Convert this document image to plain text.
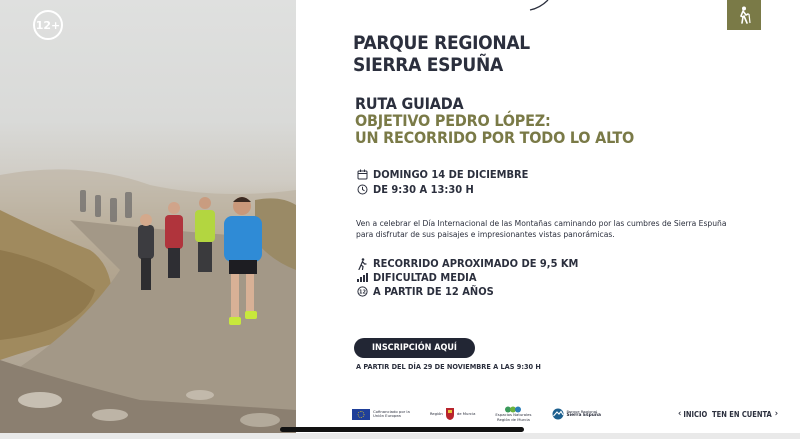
12+
PARQUE REGIONAL
SIERRA ESPUÑA
RUTA GUIADA
OBJETIVO PEDRO LÓPEZ:
UN RECORRIDO POR TODO LO ALTO
DOMINGO 14 DE DICIEMBRE
DE 9:30 A 13:30 H
Ven a celebrar el Día Internacional de las Montañas caminando por las cumbres de Sierra Espuña para disfrutar de sus paisajes e impresionantes vistas panorámicas.
RECORRIDO APROXIMADO DE 9,5 KM
DIFICULTAD MEDIA
12 A PARTIR DE 12 AÑOS
INSCRIPCIÓN AQUÍ
A PARTIR DEL DÍA 29 DE NOVIEMBRE A LAS 9:30 H
Cofinanciado por la
Unión Europea	Región	de Murcia	Espacios Naturales
Región de Murcia
Parque Regional
Sierra Espuña	‹ INICIO TEN EN CUENTA ›
